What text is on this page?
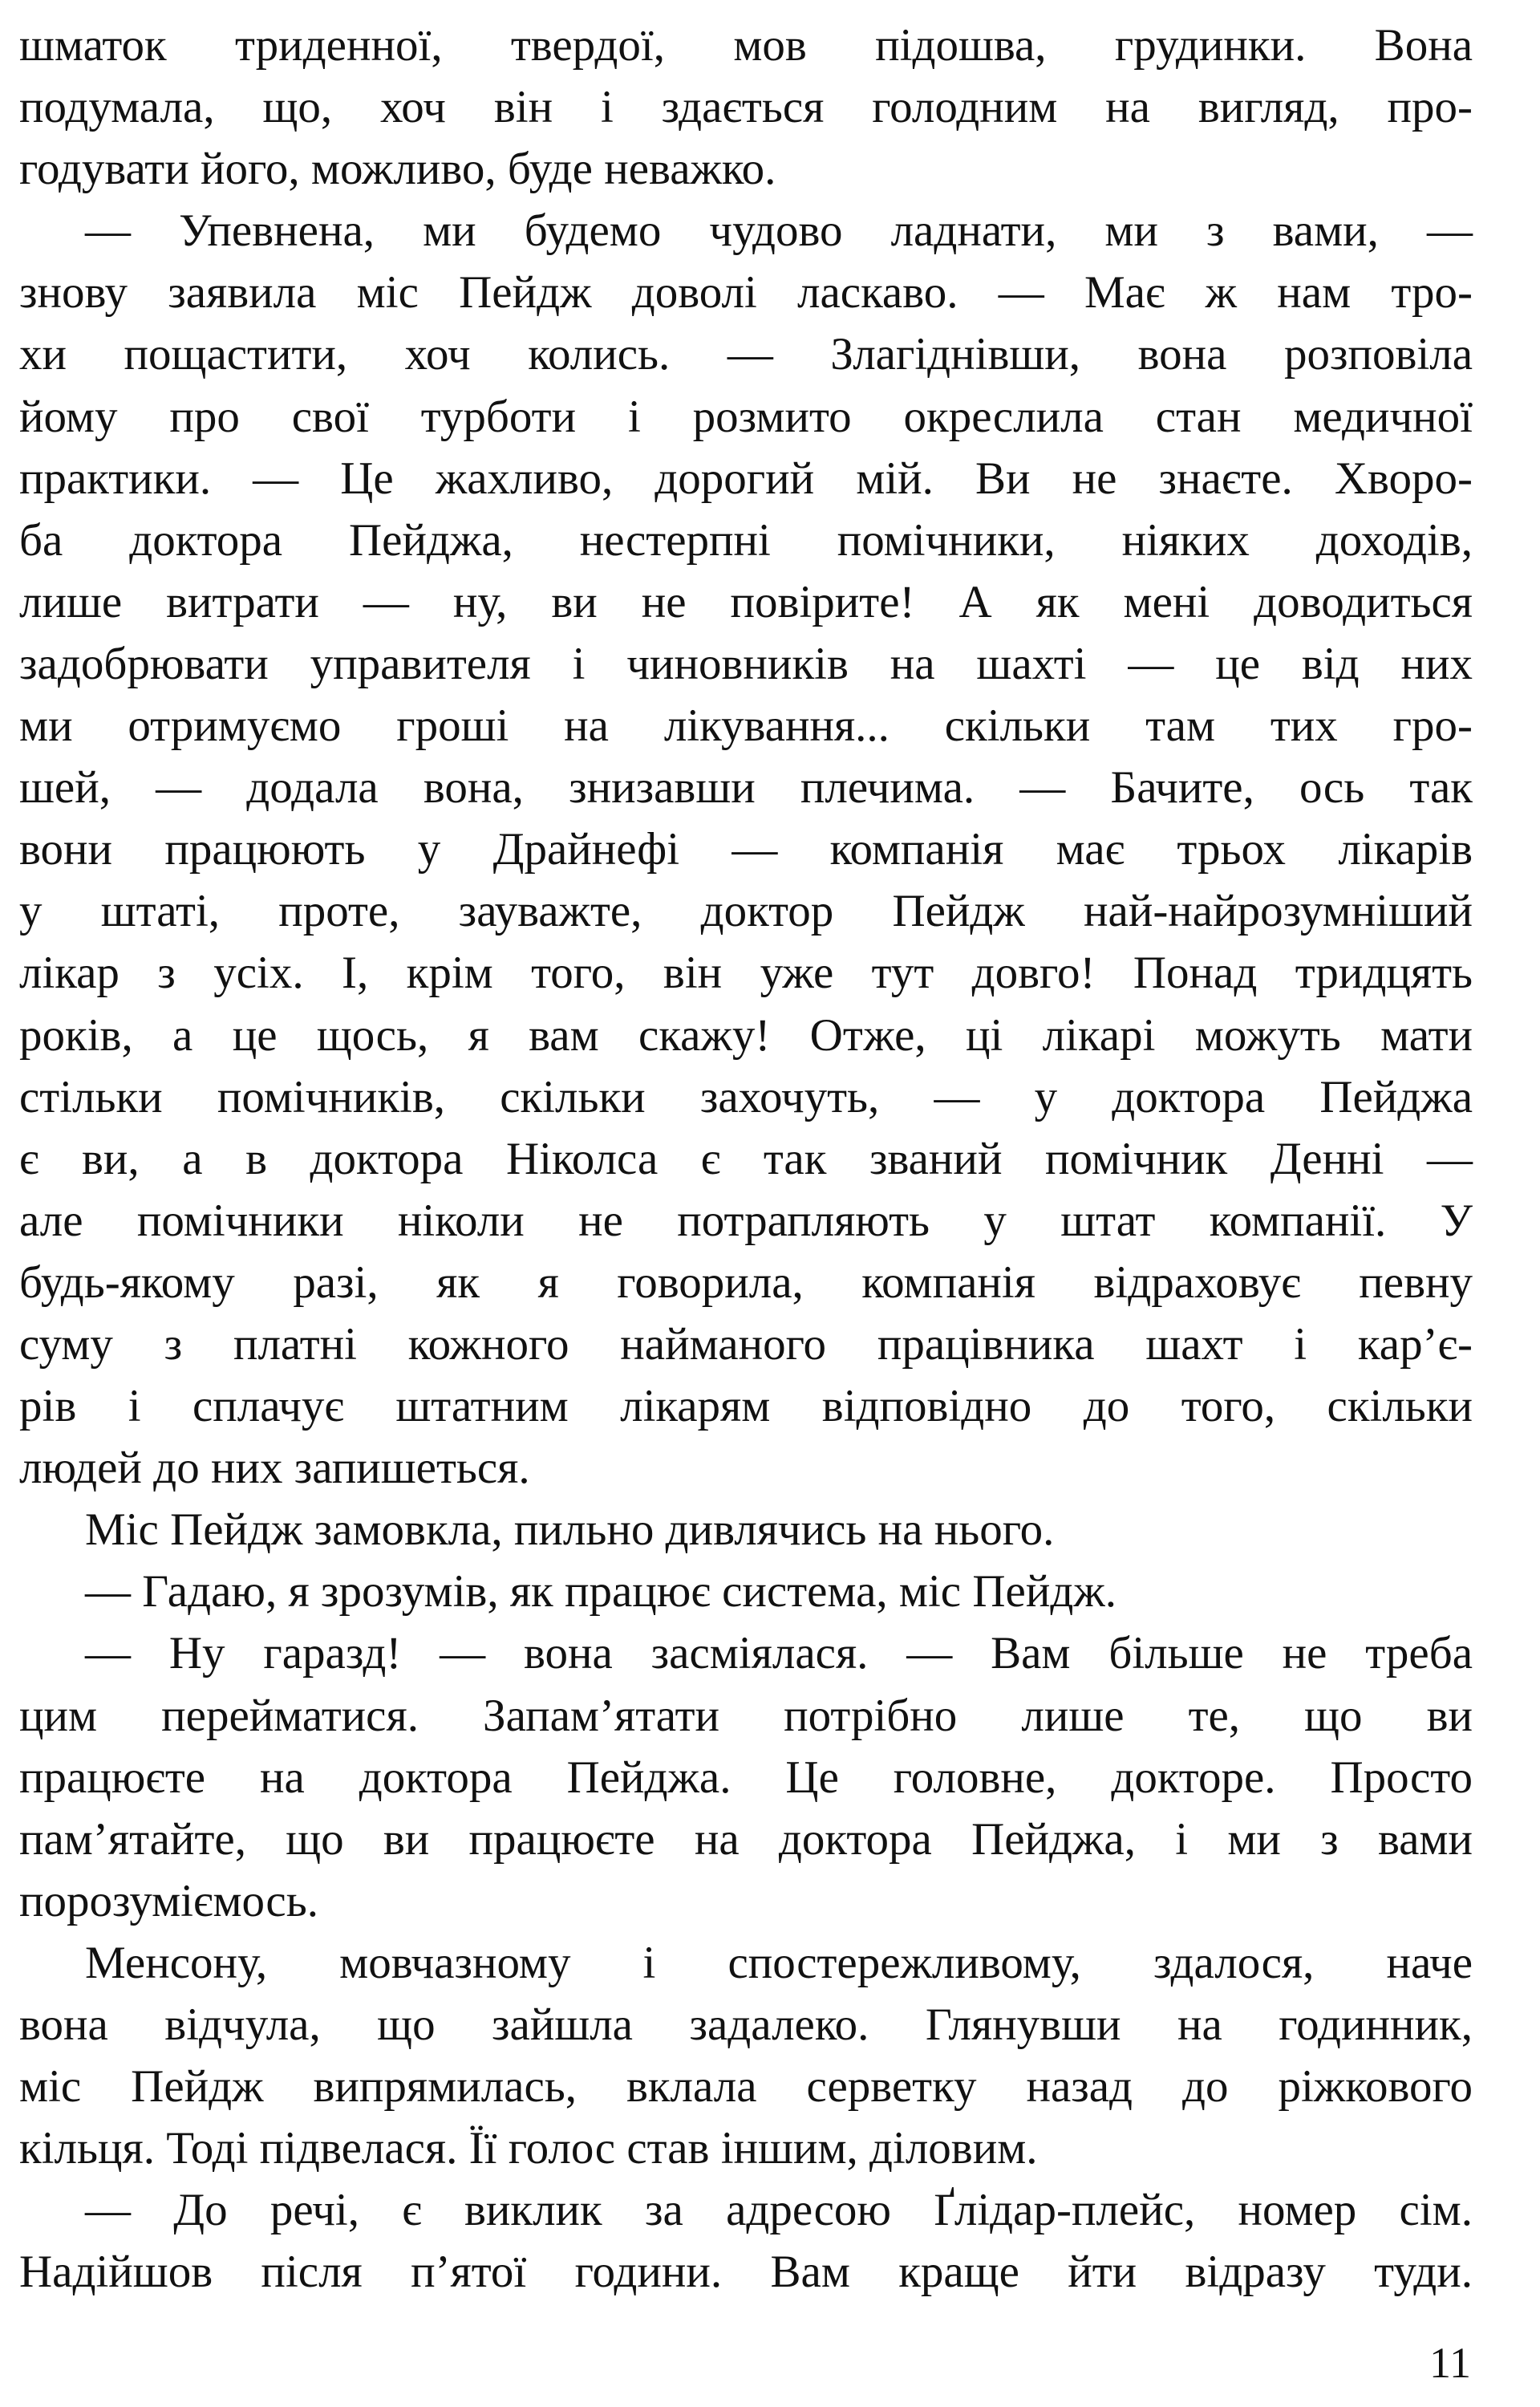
шматок триденної, твердої, мов підошва, грудинки. Вона
подумала, що, хоч він і здається голодним на вигляд, про-
годувати його, можливо, буде неважко.
— Упевнена, ми будемо чудово ладнати, ми з вами, —
знову заявила міс Пейдж доволі ласкаво. — Має ж нам тро-
хи пощастити, хоч колись. — Злагіднівши, вона розповіла
йому про свої турботи і розмито окреслила стан медичної
практики. — Це жахливо, дорогий мій. Ви не знаєте. Хворо-
ба доктора Пейджа, нестерпні помічники, ніяких доходів,
лише витрати — ну, ви не повірите! А як мені доводиться
задобрювати управителя і чиновників на шахті — це від них
ми отримуємо гроші на лікування... скільки там тих гро-
шей, — додала вона, знизавши плечима. — Бачите, ось так
вони працюють у Драйнефі — компанія має трьох лікарів
у штаті, проте, зауважте, доктор Пейдж най-найрозумніший
лікар з усіх. І, крім того, він уже тут довго! Понад тридцять
років, а це щось, я вам скажу! Отже, ці лікарі можуть мати
стільки помічників, скільки захочуть, — у доктора Пейджа
є ви, а в доктора Ніколса є так званий помічник Денні —
але помічники ніколи не потрапляють у штат компанії. У
будь-якому разі, як я говорила, компанія відраховує певну
суму з платні кожного найманого працівника шахт і кар’є-
рів і сплачує штатним лікарям відповідно до того, скільки
людей до них запишеться.
Міс Пейдж замовкла, пильно дивлячись на нього.
— Гадаю, я зрозумів, як працює система, міс Пейдж.
— Ну гаразд! — вона засміялася. — Вам більше не треба
цим перейматися. Запам’ятати потрібно лише те, що ви
працюєте на доктора Пейджа. Це головне, докторе. Просто
пам’ятайте, що ви працюєте на доктора Пейджа, і ми з вами
порозуміємось.
Менсону, мовчазному і спостережливому, здалося, наче
вона відчула, що зайшла задалеко. Глянувши на годинник,
міс Пейдж випрямилась, вклала серветку назад до ріжкового
кільця. Тоді підвелася. Її голос став іншим, діловим.
— До речі, є виклик за адресою Ґлідар-плейс, номер сім.
Надійшов після п’ятої години. Вам краще йти відразу туди.
11
